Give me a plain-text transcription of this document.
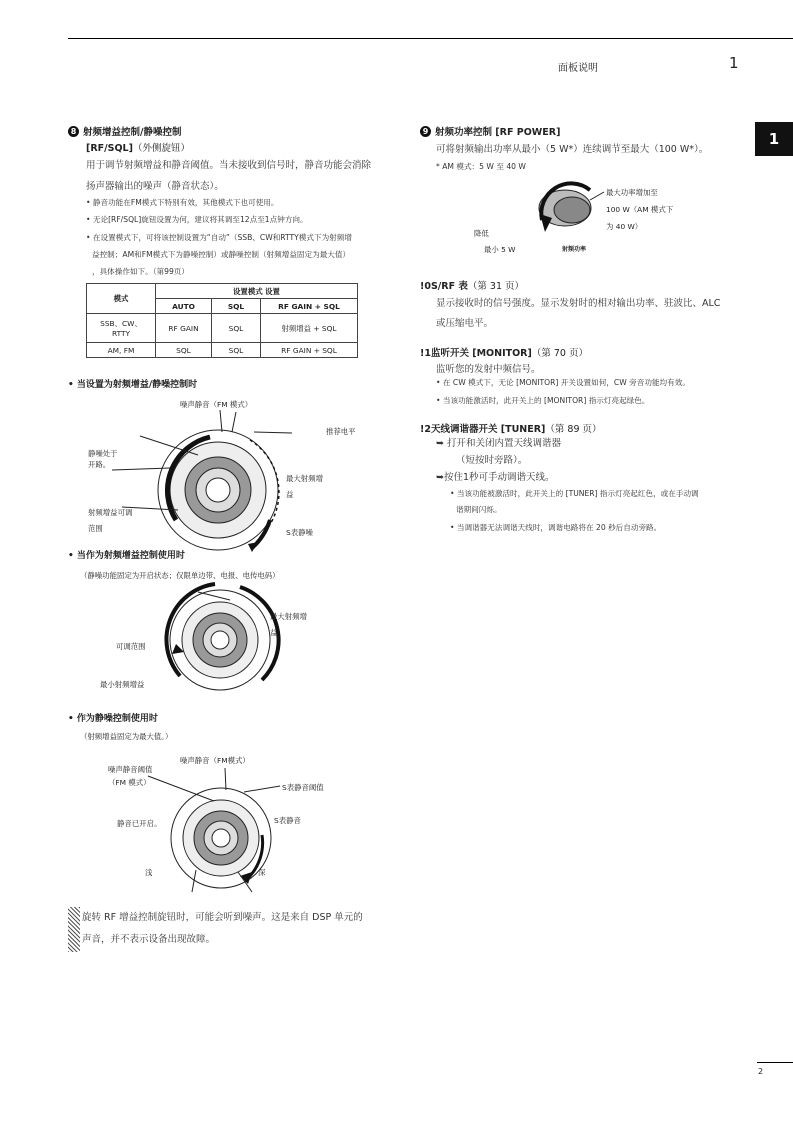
面板说明	1
1
8 射频增益控制/静噪控制
[RF/SQL]（外侧旋钮）
用于调节射频增益和静音阈值。当未接收到信号时，静音功能会消除
扬声器输出的噪声（静音状态）。
• 静音功能在FM模式下特别有效，其他模式下也可使用。
• 无论[RF/SQL]旋钮设置为何，建议将其调至12点至1点钟方向。
• 在设置模式下，可将该控制设置为“自动”（SSB、CW和RTTY模式下为射频增
益控制；AM和FM模式下为静噪控制）或静噪控制（射频增益固定为最大值）
，具体操作如下。（第99页）
模式	设置模式 设置		
	AUTO	SQL	RF GAIN + SQL
SSB、CW、
RTTY	RF GAIN	SQL	射频增益 + SQL
AM, FM	SQL	SQL	RF GAIN + SQL
• 当设置为射频增益/静噪控制时
噪声静音（FM 模式）
推荐电平
静噪处于
开路。
最大射频增
益
射频增益可调
范围	S表静噪
• 当作为射频增益控制使用时
（静噪功能固定为开启状态；仅限单边带、电报、电传电码）
最大射频增
益
可调范围
最小射频增益
• 作为静噪控制使用时
（射频增益固定为最大值。）
噪声静音阈值
（FM 模式）
噪声静音（FM模式）
S表静音阈值
静音已开启。	S表静音
浅	深
旋转 RF 增益控制旋钮时，可能会听到噪声。这是来自 DSP 单元的
声音，并不表示设备出现故障。
9 射频功率控制 [RF POWER]
可将射频输出功率从最小（5 W*）连续调节至最大（100 W*）。
* AM 模式：5 W 至 40 W
最大功率增加至
100 W（AM 模式下
为 40 W）
降低
最小 5 W	射频功率
!0S/RF 表（第 31 页）
显示接收时的信号强度。显示发射时的相对输出功率、驻波比、ALC
或压缩电平。
!1监听开关 [MONITOR]（第 70 页）
监听您的发射中频信号。
• 在 CW 模式下，无论 [MONITOR] 开关设置如何，CW 旁音功能均有效。
• 当该功能激活时，此开关上的 [MONITOR] 指示灯亮起绿色。
!2天线调谐器开关 [TUNER]（第 89 页）
➥ 打开和关闭内置天线调谐器
（短按时旁路）。
➥按住1秒可手动调谐天线。
• 当该功能被激活时，此开关上的 [TUNER] 指示灯亮起红色，或在手动调
谐期间闪烁。
• 当调谐器无法调谐天线时，调谐电路将在 20 秒后自动旁路。
2
